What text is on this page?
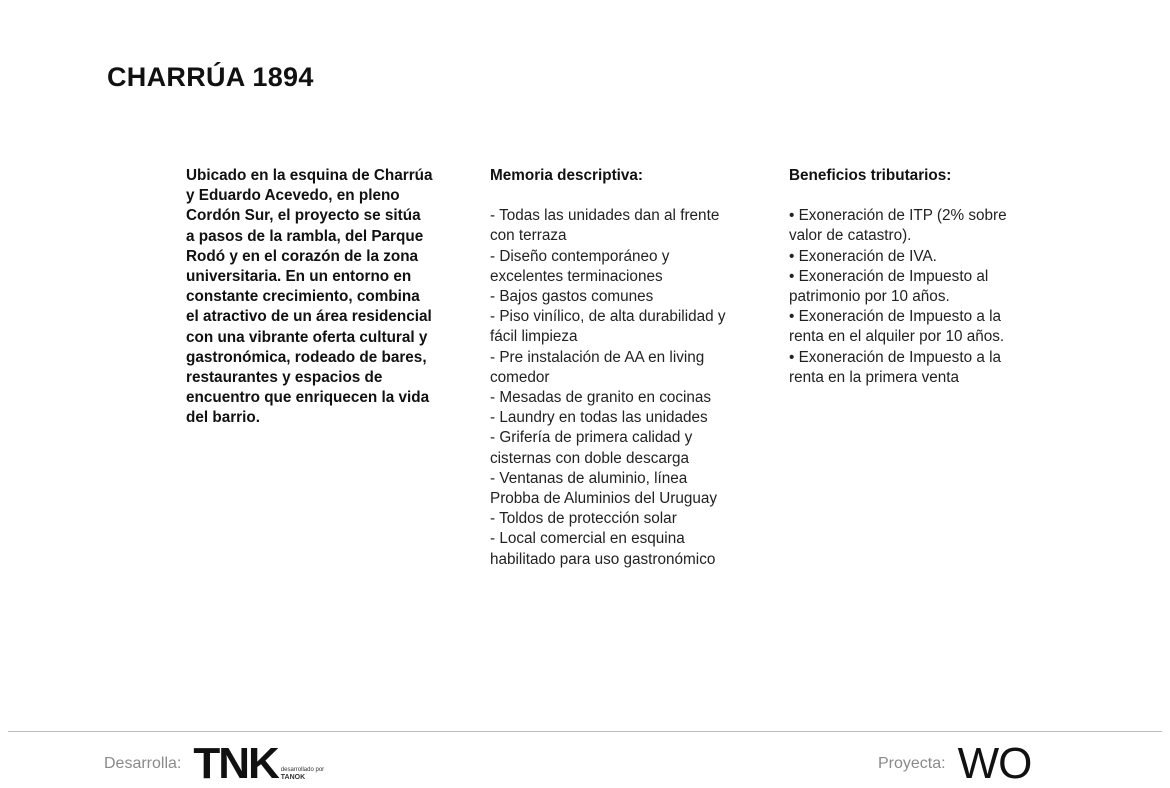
CHARRÚA 1894
Ubicado en la esquina de Charrúa
y Eduardo Acevedo, en pleno
Cordón Sur, el proyecto se sitúa
a pasos de la rambla, del Parque
Rodó y en el corazón de la zona
universitaria. En un entorno en
constante crecimiento, combina
el atractivo de un área residencial
con una vibrante oferta cultural y
gastronómica, rodeado de bares,
restaurantes y espacios de
encuentro que enriquecen la vida
del barrio.
Memoria descriptiva:
- Todas las unidades dan al frente
con terraza
- Diseño contemporáneo y
excelentes terminaciones
- Bajos gastos comunes
- Piso vinílico, de alta durabilidad y
fácil limpieza
- Pre instalación de AA en living
comedor
- Mesadas de granito en cocinas
- Laundry en todas las unidades
- Grifería de primera calidad y
cisternas con doble descarga
- Ventanas de aluminio, línea
Probba de Aluminios del Uruguay
- Toldos de protección solar
- Local comercial en esquina
habilitado para uso gastronómico
Beneficios tributarios:
• Exoneración de ITP (2% sobre
valor de catastro).
• Exoneración de IVA.
• Exoneración de Impuesto al
patrimonio por 10 años.
• Exoneración de Impuesto a la
renta en el alquiler por 10 años.
• Exoneración de Impuesto a la
renta en la primera venta
Desarrolla: TNK desarrollado por
TANOK
Proyecta: WO
